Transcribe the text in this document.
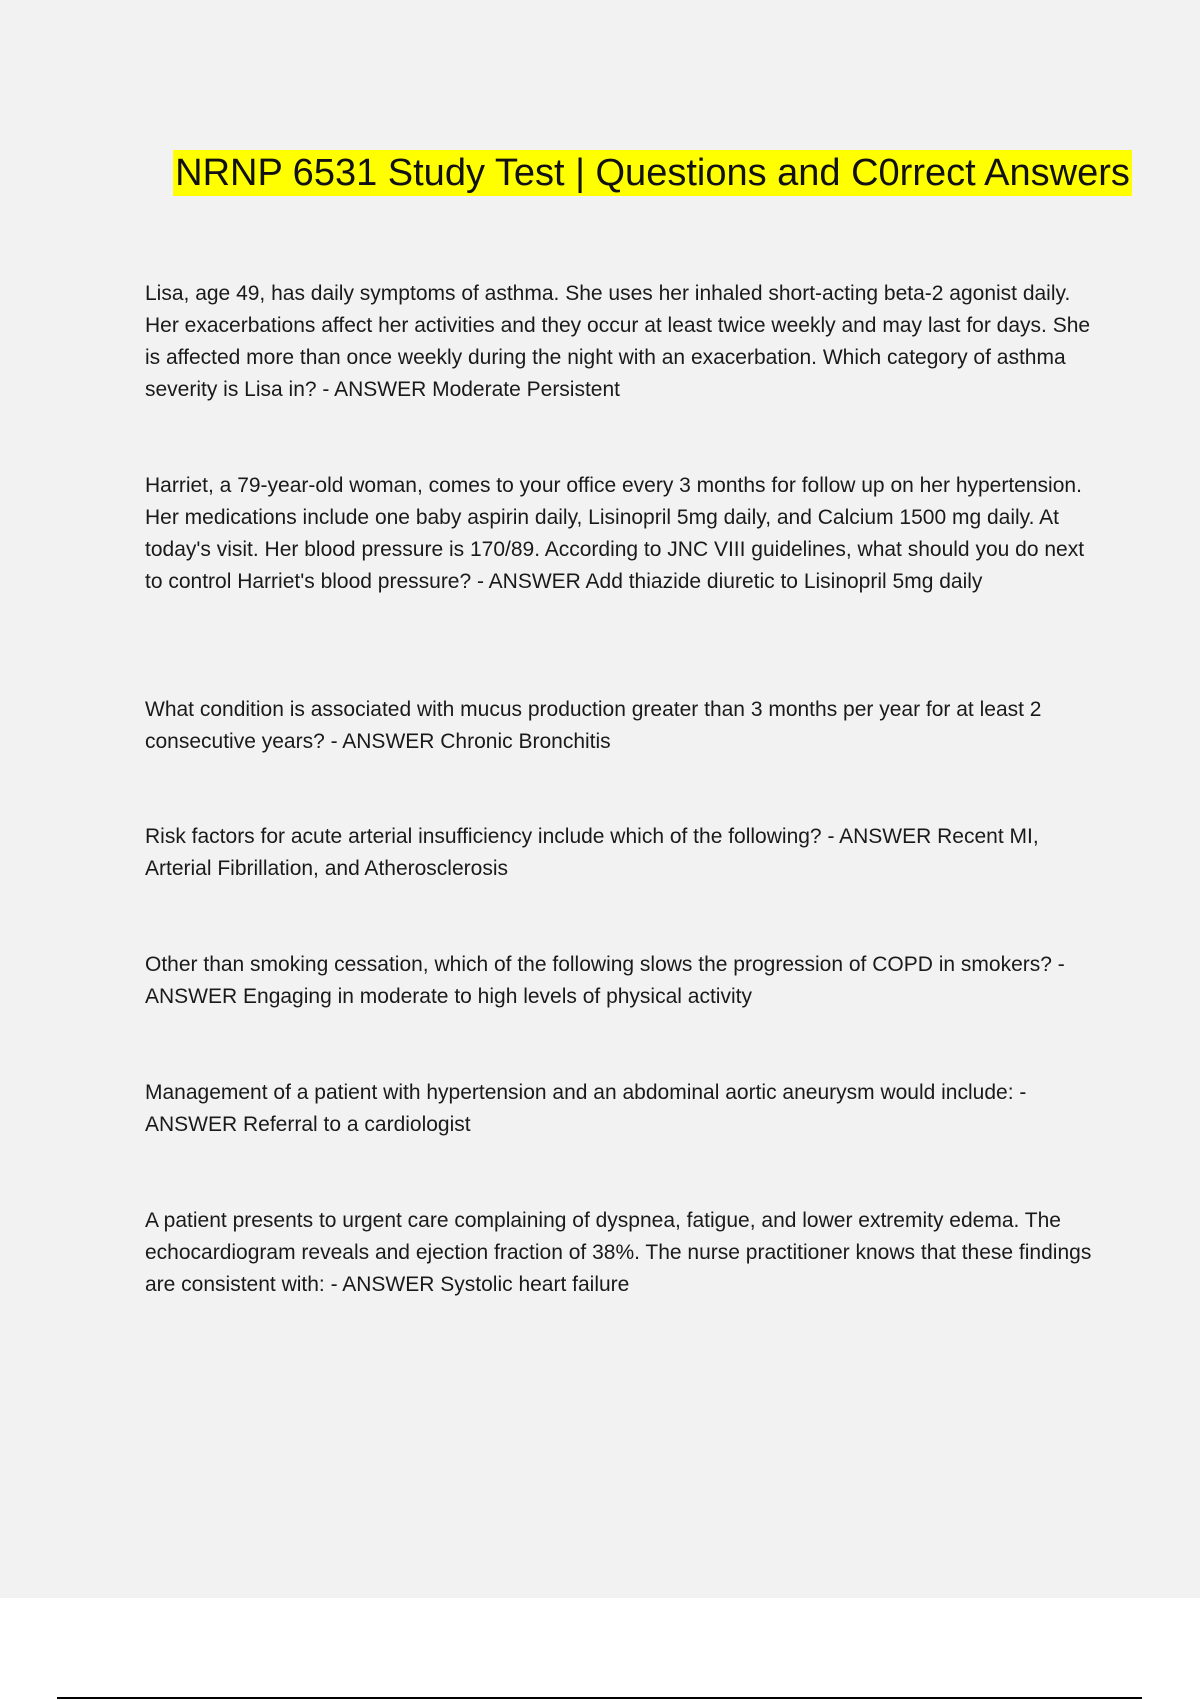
NRNP 6531 Study Test | Questions and C0rrect Answers

Lisa, age 49, has daily symptoms of asthma. She uses her inhaled short-acting beta-2 agonist daily. Her exacerbations affect her activities and they occur at least twice weekly and may last for days. She is affected more than once weekly during the night with an exacerbation. Which category of asthma severity is Lisa in? - ANSWER Moderate Persistent

Harriet, a 79-year-old woman, comes to your office every 3 months for follow up on her hypertension. Her medications include one baby aspirin daily, Lisinopril 5mg daily, and Calcium 1500 mg daily. At today's visit. Her blood pressure is 170/89. According to JNC VIII guidelines, what should you do next to control Harriet's blood pressure? - ANSWER Add thiazide diuretic to Lisinopril 5mg daily

What condition is associated with mucus production greater than 3 months per year for at least 2 consecutive years? - ANSWER Chronic Bronchitis

Risk factors for acute arterial insufficiency include which of the following? - ANSWER Recent MI, Arterial Fibrillation, and Atherosclerosis

Other than smoking cessation, which of the following slows the progression of COPD in smokers? - ANSWER Engaging in moderate to high levels of physical activity

Management of a patient with hypertension and an abdominal aortic aneurysm would include: - ANSWER Referral to a cardiologist

A patient presents to urgent care complaining of dyspnea, fatigue, and lower extremity edema. The echocardiogram reveals and ejection fraction of 38%. The nurse practitioner knows that these findings are consistent with: - ANSWER Systolic heart failure
